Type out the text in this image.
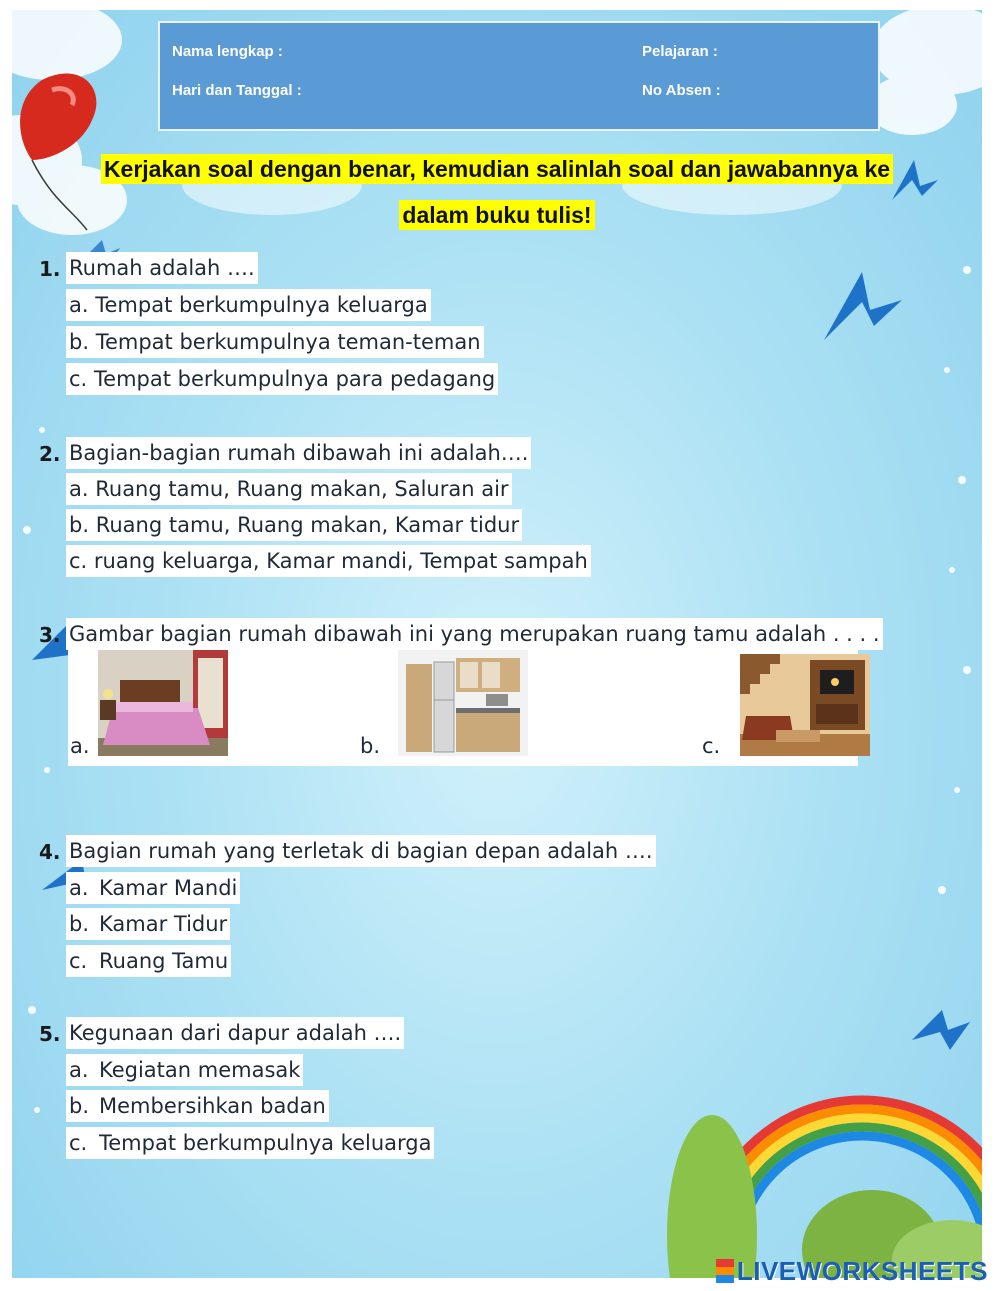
Nama lengkap :	Pelajaran :
Hari dan Tanggal :	No Absen :
Kerjakan soal dengan benar, kemudian salinlah soal dan jawabannya ke
dalam buku tulis!
1. Rumah adalah ….
a. Tempat berkumpulnya keluarga
b. Tempat berkumpulnya teman-teman
c. Tempat berkumpulnya para pedagang
2. Bagian-bagian rumah dibawah ini adalah….
a. Ruang tamu, Ruang makan, Saluran air
b. Ruang tamu, Ruang makan, Kamar tidur
c. ruang keluarga, Kamar mandi, Tempat sampah
3. Gambar bagian rumah dibawah ini yang merupakan ruang tamu adalah . . . .
a.	b.	c.
4. Bagian rumah yang terletak di bagian depan adalah ….
a. Kamar Mandi
b. Kamar Tidur
c. Ruang Tamu
5. Kegunaan dari dapur adalah ….
a. Kegiatan memasak
b. Membersihkan badan
c. Tempat berkumpulnya keluarga
LIVEWORKSHEETS
